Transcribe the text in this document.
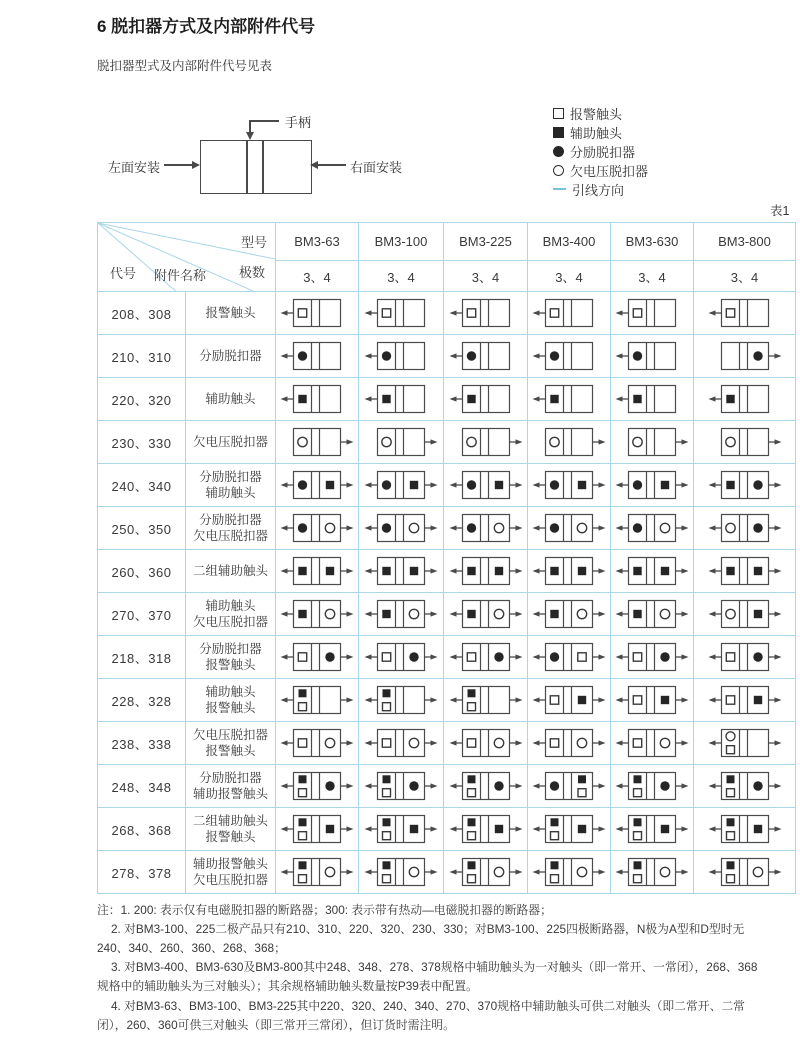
6 脱扣器方式及内部附件代号
脱扣器型式及内部附件代号见表
手柄
左面安装	右面安装
报警触头
辅助触头
分励脱扣器
欠电压脱扣器
引线方向
表1
型号
极数
代号 附件名称		BM3-63	BM3-100	BM3-225	BM3-400	BM3-630	BM3-800
		3、4	3、4	3、4	3、4	3、4	3、4
208、308	报警触头

210、310	分励脱扣器

220、320	辅助触头

230、330	欠电压脱扣器

240、340	分励脱扣器
辅助触头

250、350	分励脱扣器
欠电压脱扣器

260、360	二组辅助触头

270、370	辅助触头
欠电压脱扣器

218、318	分励脱扣器
报警触头

228、328	辅助触头
报警触头

238、338	欠电压脱扣器
报警触头

248、348	分励脱扣器
辅助报警触头

268、368	二组辅助触头
报警触头

278、378	辅助报警触头
欠电压脱扣器

注：1. 200: 表示仅有电磁脱扣器的断路器；300: 表示带有热动—电磁脱扣器的断路器；

2. 对BM3-100、225二极产品只有210、310、220、320、230、330；对BM3-100、225四极断路器，N极为A型和D型时无 240、340、260、360、268、368；

3. 对BM3-400、BM3-630及BM3-800其中248、348、278、378规格中辅助触头为一对触头（即一常开、一常闭），268、368规格中的辅助触头为三对触头）；其余规格辅助触头数量按P39表中配置。

4. 对BM3-63、BM3-100、BM3-225其中220、320、240、340、270、370规格中辅助触头可供二对触头（即二常开、二常闭），260、360可供三对触头（即三常开三常闭），但订货时需注明。
